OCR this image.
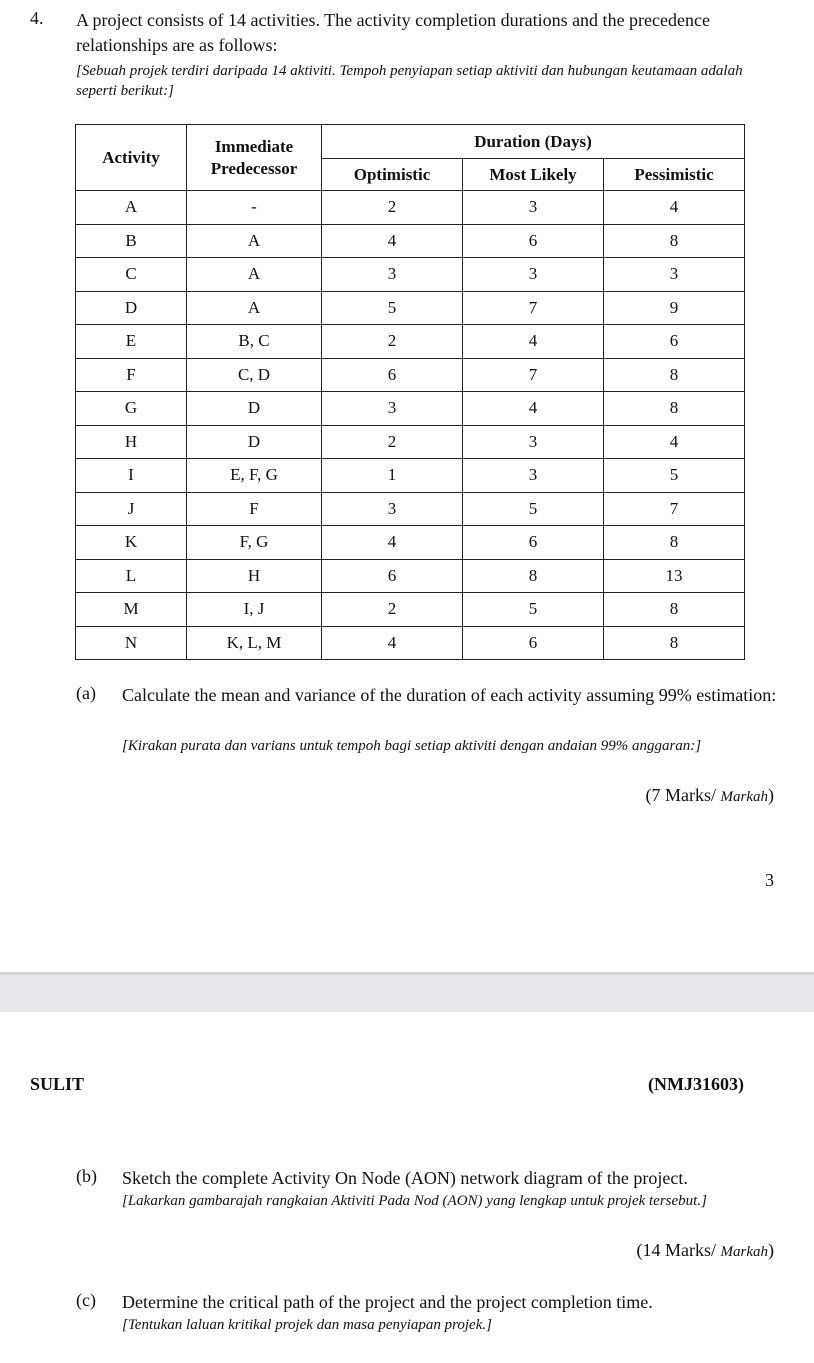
4. A project consists of 14 activities. The activity completion durations and the precedence relationships are as follows:
[Sebuah projek terdiri daripada 14 aktiviti. Tempoh penyiapan setiap aktiviti dan hubungan keutamaan adalah seperti berikut:]
Activity	Immediate Predecessor	Duration (Days)		
		Optimistic	Most Likely	Pessimistic
A	-	2	3	4
B	A	4	6	8
C	A	3	3	3
D	A	5	7	9
E	B, C	2	4	6
F	C, D	6	7	8
G	D	3	4	8
H	D	2	3	4
I	E, F, G	1	3	5
J	F	3	5	7
K	F, G	4	6	8
L	H	6	8	13
M	I, J	2	5	8
N	K, L, M	4	6	8
(a) Calculate the mean and variance of the duration of each activity assuming 99% estimation:
[Kirakan purata dan varians untuk tempoh bagi setiap aktiviti dengan andaian 99% anggaran:]
(7 Marks/ Markah)
3
SULIT	(NMJ31603)
(b) Sketch the complete Activity On Node (AON) network diagram of the project.
[Lakarkan gambarajah rangkaian Aktiviti Pada Nod (AON) yang lengkap untuk projek tersebut.]
(14 Marks/ Markah)
(c) Determine the critical path of the project and the project completion time.
[Tentukan laluan kritikal projek dan masa penyiapan projek.]
